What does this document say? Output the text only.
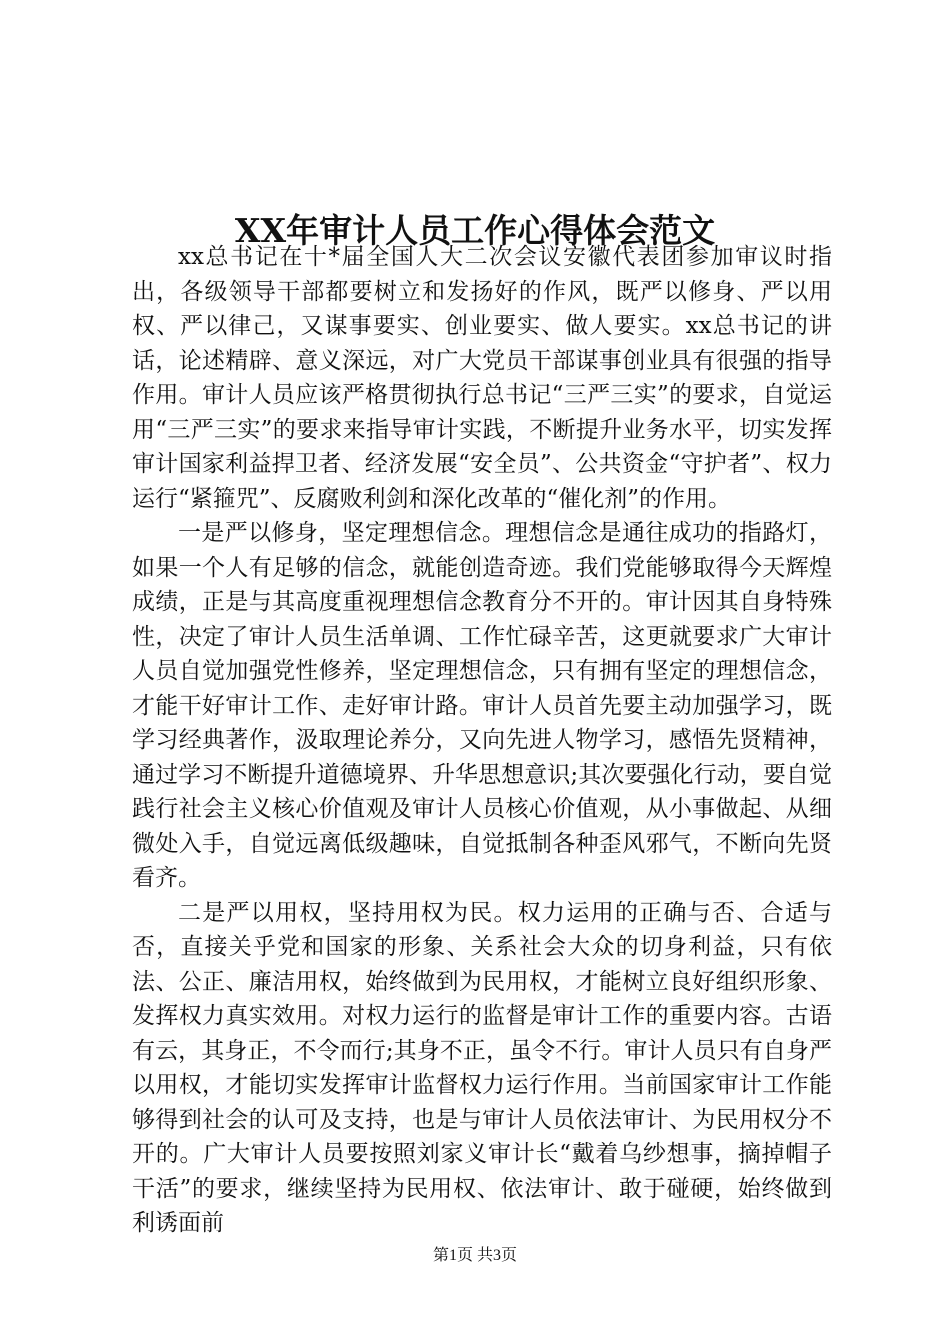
XX年审计人员工作心得体会范文

xx总书记在十*届全国人大二次会议安徽代表团参加审议时指出，各级领导干部都要树立和发扬好的作风，既严以修身、严以用权、严以律己，又谋事要实、创业要实、做人要实。xx总书记的讲话，论述精辟、意义深远，对广大党员干部谋事创业具有很强的指导作用。审计人员应该严格贯彻执行总书记“三严三实”的要求，自觉运用“三严三实”的要求来指导审计实践，不断提升业务水平，切实发挥审计国家利益捍卫者、经济发展“安全员”、公共资金“守护者”、权力运行“紧箍咒”、反腐败利剑和深化改革的“催化剂”的作用。

一是严以修身，坚定理想信念。理想信念是通往成功的指路灯，如果一个人有足够的信念，就能创造奇迹。我们党能够取得今天辉煌成绩，正是与其高度重视理想信念教育分不开的。审计因其自身特殊性，决定了审计人员生活单调、工作忙碌辛苦，这更就要求广大审计人员自觉加强党性修养，坚定理想信念，只有拥有坚定的理想信念，才能干好审计工作、走好审计路。审计人员首先要主动加强学习，既学习经典著作，汲取理论养分，又向先进人物学习，感悟先贤精神，通过学习不断提升道德境界、升华思想意识;其次要强化行动，要自觉践行社会主义核心价值观及审计人员核心价值观，从小事做起、从细微处入手，自觉远离低级趣味，自觉抵制各种歪风邪气，不断向先贤看齐。

二是严以用权，坚持用权为民。权力运用的正确与否、合适与否，直接关乎党和国家的形象、关系社会大众的切身利益，只有依法、公正、廉洁用权，始终做到为民用权，才能树立良好组织形象、发挥权力真实效用。对权力运行的监督是审计工作的重要内容。古语有云，其身正，不令而行;其身不正，虽令不行。审计人员只有自身严以用权，才能切实发挥审计监督权力运行作用。当前国家审计工作能够得到社会的认可及支持，也是与审计人员依法审计、为民用权分不开的。广大审计人员要按照刘家义审计长“戴着乌纱想事，摘掉帽子干活”的要求，继续坚持为民用权、依法审计、敢于碰硬，始终做到利诱面前

第1页 共3页
